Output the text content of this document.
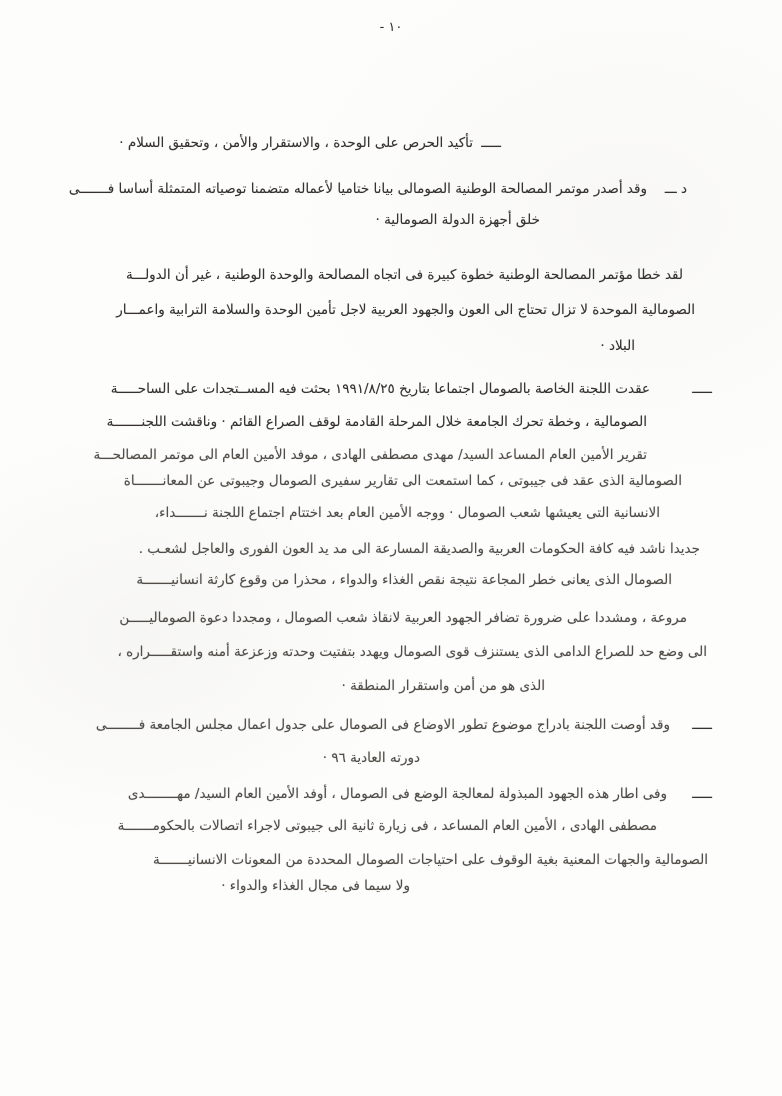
- ١٠
ـــــ
تأكيد الحرص على الوحدة ، والاستقرار والأمن ، وتحقيق السلام ·
د ـــ
وقد أصدر موتمر المصالحة الوطنية الصومالى بيانا ختاميا لأعماله متضمنا توصياته المتمثلة أساسا فـــــــى
خلق أجهزة الدولة الصومالية ·
لقد خطا مؤتمر المصالحة الوطنية خطوة كبيرة فى اتجاه المصالحة والوحدة الوطنية ، غير أن الدولـــة
الصومالية الموحدة لا تزال تحتاج الى العون والجهود العربية لاجل تأمين الوحدة والسلامة الترابية واعمـــار
البلاد ·
ـــــ
عقدت اللجنة الخاصة بالصومال اجتماعا بتاريخ ١٩٩١/٨/٢٥ بحثت فيه المســتجدات على الساحـــــة
الصومالية ، وخطة تحرك الجامعة خلال المرحلة القادمة لوقف الصراع القائم · وناقشت اللجنـــــــة
تقرير الأمين العام المساعد السيد/ مهدى مصطفى الهادى ، موفد الأمين العام الى موتمر المصالحـــة
الصومالية الذى عقد فى جيبوتى ، كما استمعت الى تقارير سفيرى الصومال وجيبوتى عن المعانـــــــاة
الانسانية التى يعيشها شعب الصومال · ووجه الأمين العام بعد اختتام اجتماع اللجنة نـــــــداء،
جديدا ناشد فيه كافة الحكومات العربية والصديقة المسارعة الى مد يد العون الفورى والعاجل لشعـب .
الصومال الذى يعانى خطر المجاعة نتيجة نقص الغذاء والدواء ، محذرا من وقوع كارثة انسانيـــــــة
مروعة ، ومشددا على ضرورة تضافر الجهود العربية لانقاذ شعب الصومال ، ومجددا دعوة الصوماليـــــن
الى وضع حد للصراع الدامى الذى يستنزف قوى الصومال ويهدد بتفتيت وحدته وزعزعة أمنه واستقـــــراره ،
الذى هو من أمن واستقرار المنطقة ·
ـــــ
وقد أوصت اللجنة بادراج موضوع تطور الاوضاع فى الصومال على جدول اعمال مجلس الجامعة فــــــــى
دورته العادية ٩٦ ·
ـــــ
وفى اطار هذه الجهود المبذولة لمعالجة الوضع فى الصومال ، أوفد الأمين العام السيد/ مهــــــــدى
مصطفى الهادى ، الأمين العام المساعد ، فى زيارة ثانية الى جيبوتى لاجراء اتصالات بالحكومـــــــة
الصومالية والجهات المعنية بغية الوقوف على احتياجات الصومال المحددة من المعونات الانسانيـــــــة
ولا سيما فى مجال الغذاء والدواء ·
